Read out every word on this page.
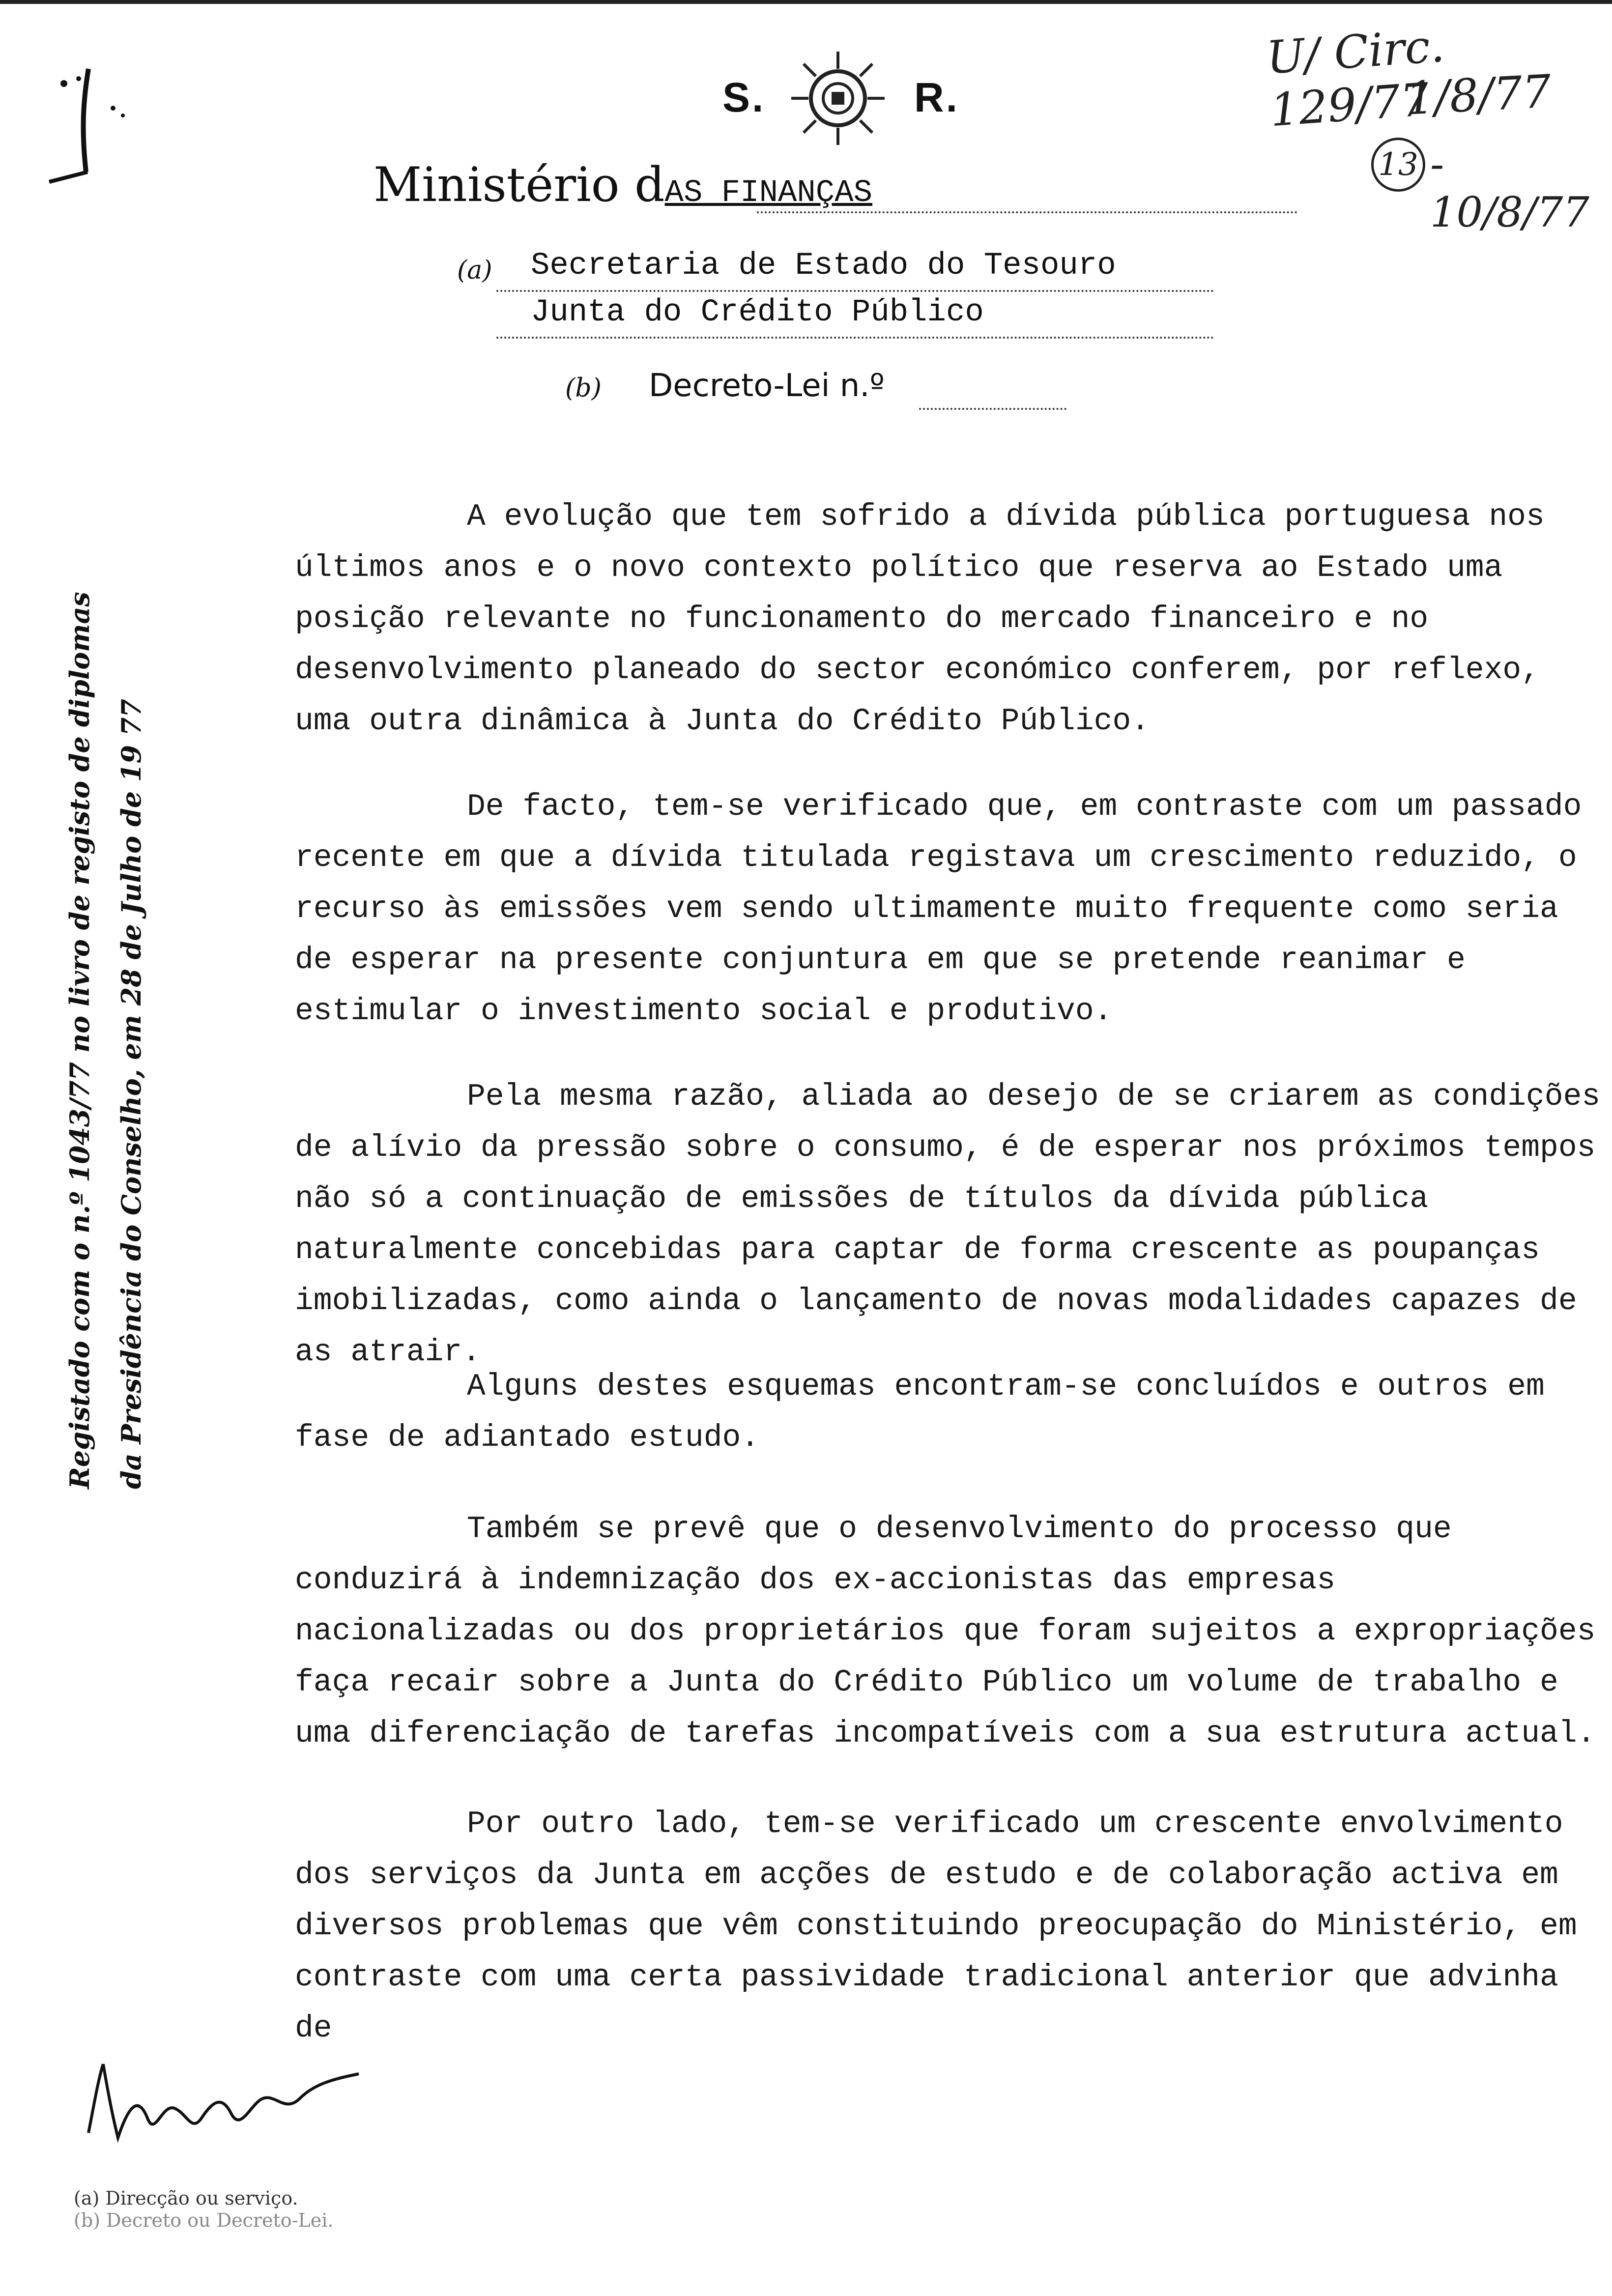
S.	R.
U/ Circ. 129/77
1/8/77
13 - 10/8/77
Ministério dAS FINANÇAS
(a) Secretaria de Estado do Tesouro
Junta do Crédito Público
(b) Decreto-Lei n.º
Registado com o n.º 1043/77 no livro de registo de diplomas da Presidência do Conselho, em 28 de Julho de 19 77
A evolução que tem sofrido a dívida pública portuguesa nos últimos anos e o novo contexto político que reserva ao Estado uma posição relevante no funcionamento do mercado financeiro e no desenvolvimento planeado do sector económico conferem, por reflexo, uma outra dinâmica à Junta do Crédito Público.
De facto, tem-se verificado que, em contraste com um passado recente em que a dívida titulada registava um crescimento reduzido, o recurso às emissões vem sendo ultimamente muito frequente como seria de esperar na presente conjuntura em que se pretende reanimar e estimular o investimento social e produtivo.
Pela mesma razão, aliada ao desejo de se criarem as condições de alívio da pressão sobre o consumo, é de esperar nos próximos tempos não só a continuação de emissões de títulos da dívida pública naturalmente concebidas para captar de forma crescente as poupanças imobilizadas, como ainda o lançamento de novas modalidades capazes de as atrair.
Alguns destes esquemas encontram-se concluídos e outros em fase de adiantado estudo.
Também se prevê que o desenvolvimento do processo que conduzirá à indemnização dos ex-accionistas das empresas nacionalizadas ou dos proprietários que foram sujeitos a expropriações faça recair sobre a Junta do Crédito Público um volume de trabalho e uma diferenciação de tarefas incompatíveis com a sua estrutura actual.
Por outro lado, tem-se verificado um crescente envolvimento dos serviços da Junta em acções de estudo e de colaboração activa em diversos problemas que vêm constituindo preocupação do Ministério, em contraste com uma certa passividade tradicional anterior que advinha de
(a) Direcção ou serviço.
(b) Decreto ou Decreto-Lei.
